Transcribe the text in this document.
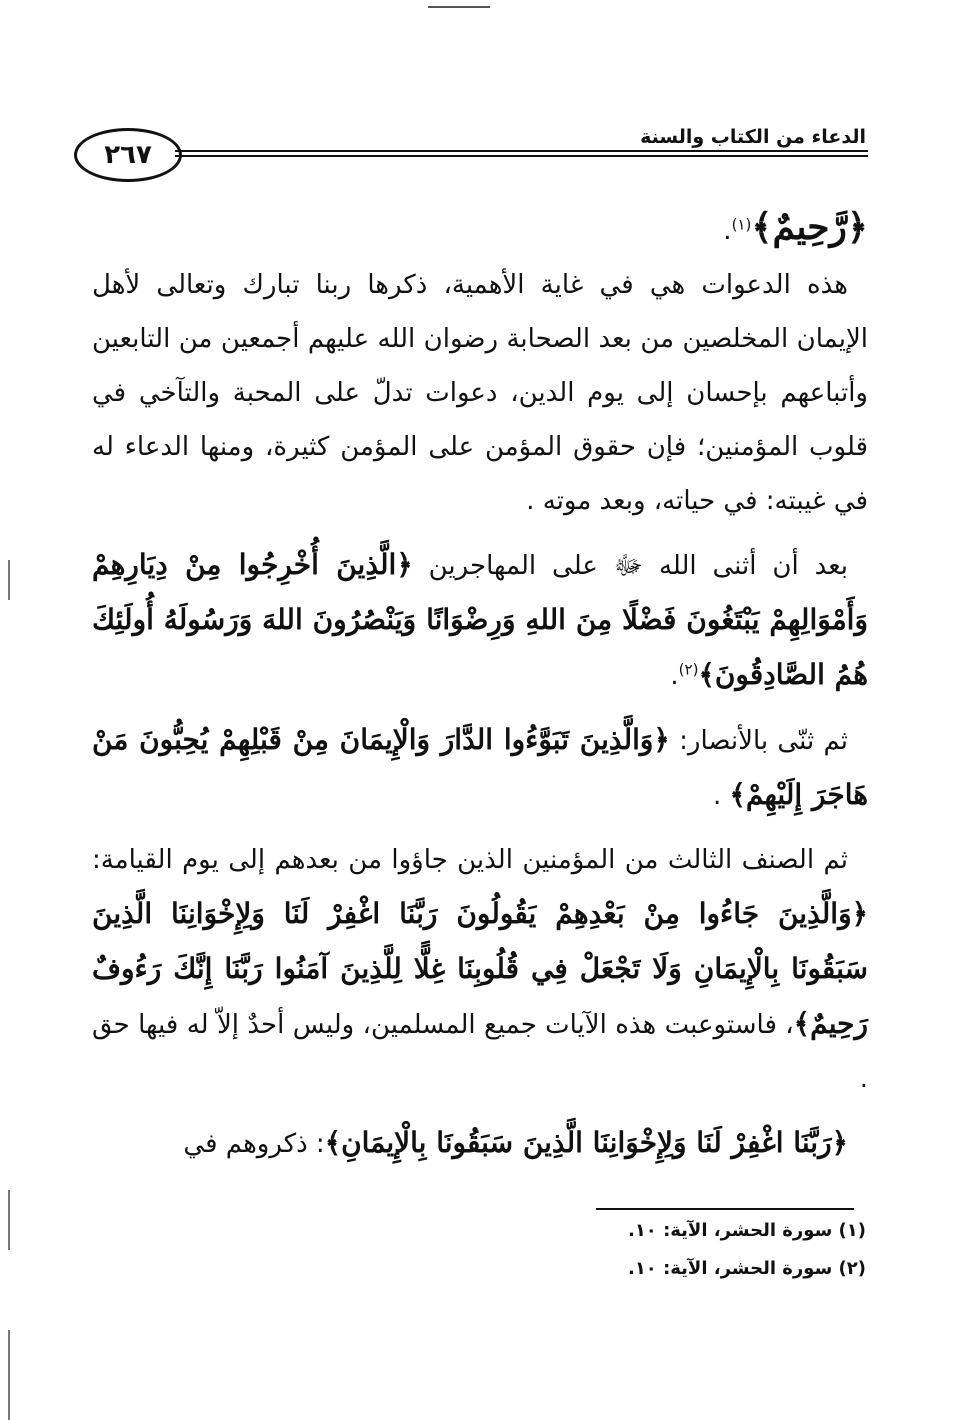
الدعاء من الكتاب والسنة
٢٦٧

﴿رَّحِيمٌ﴾$^{(١)}$.

هذه الدعوات هي في غاية الأهمية، ذكرها ربنا تبارك وتعالى لأهل الإيمان المخلصين من بعد الصحابة رضوان الله عليهم أجمعين من التابعين وأتباعهم بإحسان إلى يوم الدين، دعوات تدلّ على المحبة والتآخي في قلوب المؤمنين؛ فإن حقوق المؤمن على المؤمن كثيرة، ومنها الدعاء له في غيبته: في حياته، وبعد موته .

بعد أن أثنى الله ﷻ على المهاجرين ﴿الَّذِينَ أُخْرِجُوا مِنْ دِيَارِهِمْ وَأَمْوَالِهِمْ يَبْتَغُونَ فَضْلًا مِنَ اللهِ وَرِضْوَانًا وَيَنْصُرُونَ اللهَ وَرَسُولَهُ أُولَئِكَ هُمُ الصَّادِقُونَ﴾$^{(٢)}$.

ثم ثنّى بالأنصار: ﴿وَالَّذِينَ تَبَوَّءُوا الدَّارَ وَالْإِيمَانَ مِنْ قَبْلِهِمْ يُحِبُّونَ مَنْ هَاجَرَ إِلَيْهِمْ﴾ .

ثم الصنف الثالث من المؤمنين الذين جاؤوا من بعدهم إلى يوم القيامة: ﴿وَالَّذِينَ جَاءُوا مِنْ بَعْدِهِمْ يَقُولُونَ رَبَّنَا اغْفِرْ لَنَا وَلِإِخْوَانِنَا الَّذِينَ سَبَقُونَا بِالْإِيمَانِ وَلَا تَجْعَلْ فِي قُلُوبِنَا غِلًّا لِلَّذِينَ آمَنُوا رَبَّنَا إِنَّكَ رَءُوفٌ رَحِيمٌ﴾، فاستوعبت هذه الآيات جميع المسلمين، وليس أحدٌ إلاّ له فيها حق .

﴿رَبَّنَا اغْفِرْ لَنَا وَلِإِخْوَانِنَا الَّذِينَ سَبَقُونَا بِالْإِيمَانِ﴾: ذكروهم في

(١) سورة الحشر، الآية: ١٠.

(٢) سورة الحشر، الآية: ١٠.
